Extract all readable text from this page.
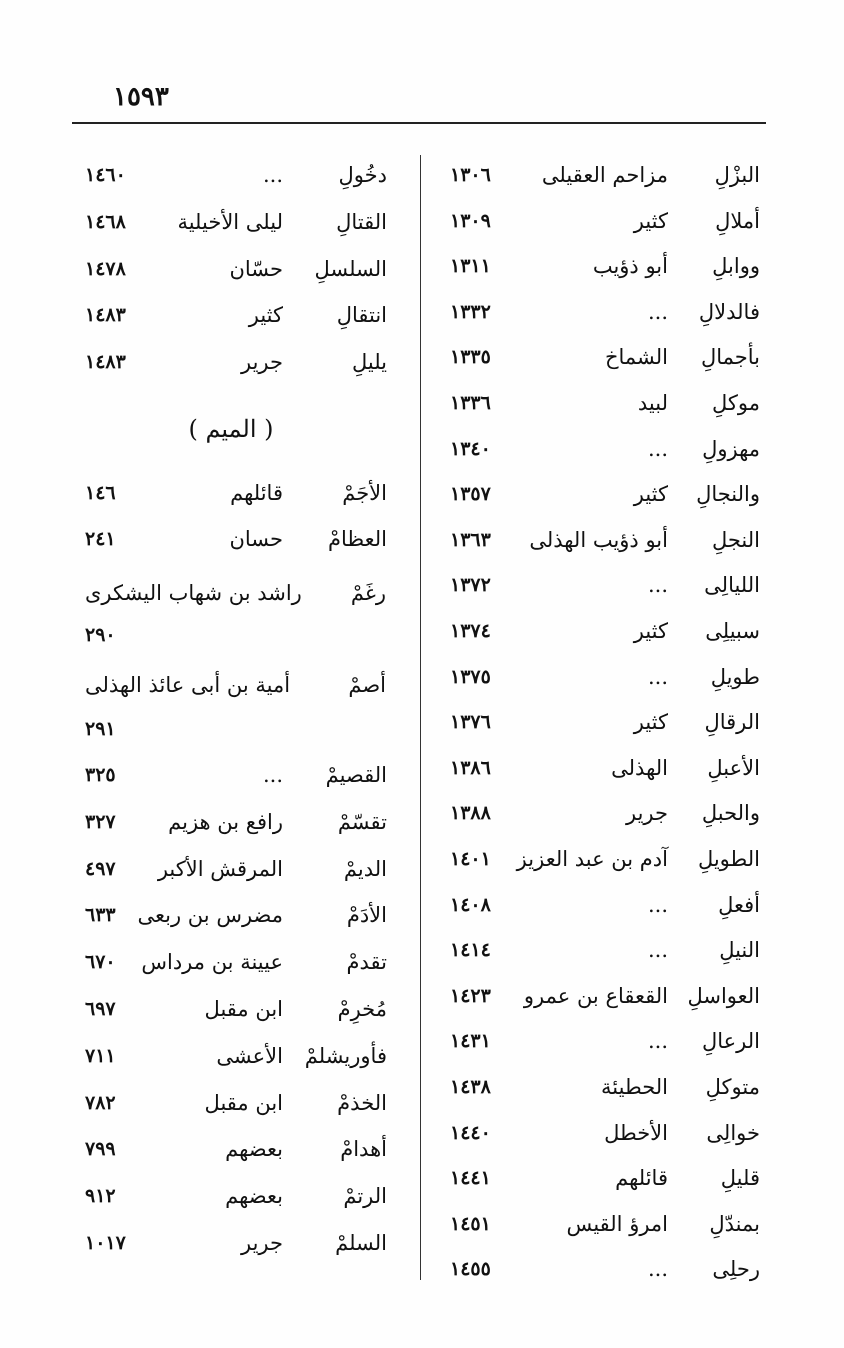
١٥٩٣
البزْلِ
مزاحم العقيلى
١٣٠٦
أملالِ
كثير
١٣٠٩
ووابلِ
أبو ذؤيب
١٣١١
فالدلالِ
...
١٣٣٢
بأجمالِ
الشماخ
١٣٣٥
موكلِ
لبيد
١٣٣٦
مهزولِ
...
١٣٤٠
والنجالِ
كثير
١٣٥٧
النجلِ
أبو ذؤيب الهذلى
١٣٦٣
الليالِى
...
١٣٧٢
سبيلِى
كثير
١٣٧٤
طويلِ
...
١٣٧٥
الرقالِ
كثير
١٣٧٦
الأعبلِ
الهذلى
١٣٨٦
والحبلِ
جرير
١٣٨٨
الطويلِ
آدم بن عبد العزيز
١٤٠١
أفعلِ
...
١٤٠٨
النيلِ
...
١٤١٤
العواسلِ
القعقاع بن عمرو
١٤٢٣
الرعالِ
...
١٤٣١
متوكلِ
الحطيئة
١٤٣٨
خوالِى
الأخطل
١٤٤٠
قليلِ
قائلهم
١٤٤١
بمندّلِ
امرؤ القيس
١٤٥١
رحلِى
...
١٤٥٥
دخُولِ
...
١٤٦٠
القتالِ
ليلى الأخيلية
١٤٦٨
السلسلِ
حسّان
١٤٧٨
انتقالِ
كثير
١٤٨٣
يليلِ
جرير
١٤٨٣
( الميم )
الأجَمْ
قائلهم
١٤٦
العظامْ
حسان
٢٤١
رغَمْ
راشد بن شهاب اليشكرى
٢٩٠
أصمْ
أمية بن أبى عائذ الهذلى
٢٩١
القصيمْ
...
٣٢٥
تقسّمْ
رافع بن هزيم
٣٢٧
الديمْ
المرقش الأكبر
٤٩٧
الأدَمْ
مضرس بن ربعى
٦٣٣
تقدمْ
عيينة بن مرداس
٦٧٠
مُخرِمْ
ابن مقبل
٦٩٧
فأوريشلمْ
الأعشى
٧١١
الخذمْ
ابن مقبل
٧٨٢
أهدامْ
بعضهم
٧٩٩
الرتمْ
بعضهم
٩١٢
السلمْ
جرير
١٠١٧
